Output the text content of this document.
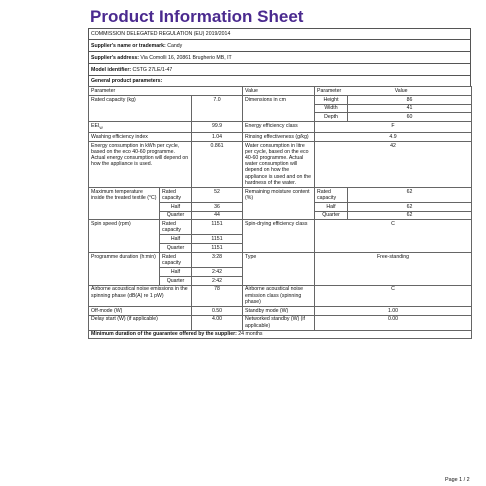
Product Information Sheet
COMMISSION DELEGATED REGULATION (EU) 2019/2014
Supplier's name or trademark: Candy
Supplier's address: Via Comolli 16, 20861 Brugherio MB, IT
Model identifier: CSTG 27LE/1-47
General product parameters:
Parameter			Value	Parameter Value	
Rated capacity (kg)		7.0	Dimensions in cm	Height	86
				Width	41
				Depth	60
$EEI_W$		99.9	Energy efficiency class	F	
Washing efficiency index		1.04	Rinsing effectiveness (g/kg)	4.9	
Energy consumption in kWh per cycle, based on the eco 40-60 programme. Actual energy consumption will depend on how the appliance is used.		0.861	Water consumption in litre per cycle, based on the eco 40-60 programme. Actual water consumption will depend on how the appliance is used and on the hardness of the water.	42	
Maximum temperature inside the treated textile (°C)	Rated capacity	52	Remaining moisture content (%)	Rated capacity	62
	Half	36		Half	62
	Quarter	44		Quarter	62
Spin speed (rpm)	Rated capacity	1151	Spin-drying efficiency class	C	
	Half	1151			
	Quarter	1151			
Programme duration (h:min)	Rated capacity	3:28	Type	Free-standing	
	Half	2:42			
	Quarter	2:42			
Airborne acoustical noise emissions in the spinning phase (dB(A) re 1 pW)		78	Airborne acoustical noise emission class (spinning phase)	C	
Off-mode (W)		0.50	Standby mode (W)	1.00	
Delay start (W) (if applicable)		4.00	Networked standby (W) (if applicable)	0.00	
Minimum duration of the guarantee offered by the supplier: 24 months					
Page 1 / 2
